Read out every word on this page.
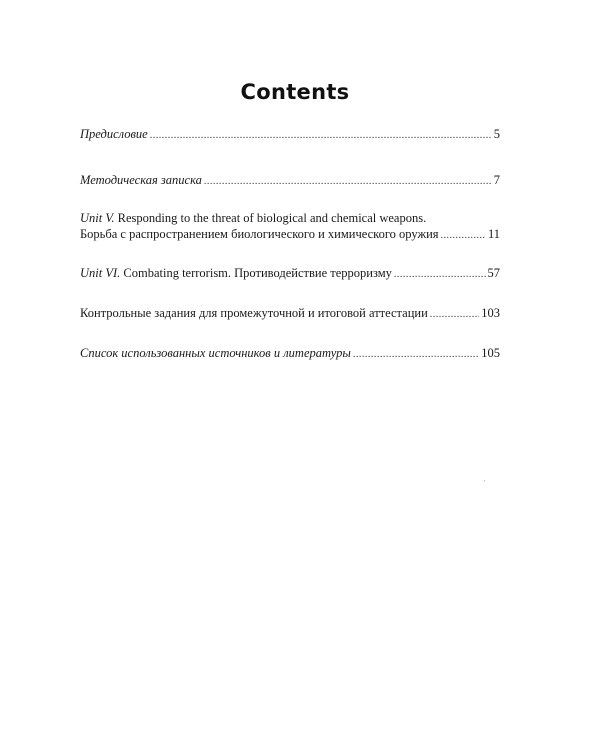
Contents
Предисловие .....	5
Методическая записка .....	7
Unit V.
Responding to the threat of biological and chemical weapons.
Борьба с распространением биологического и химического оружия .....	11
Unit VI.
Combating terrorism. Противодействие терроризму .....	57
Контрольные задания для промежуточной и итоговой аттестации .....	103
Список использованных источников и литературы .....	105
